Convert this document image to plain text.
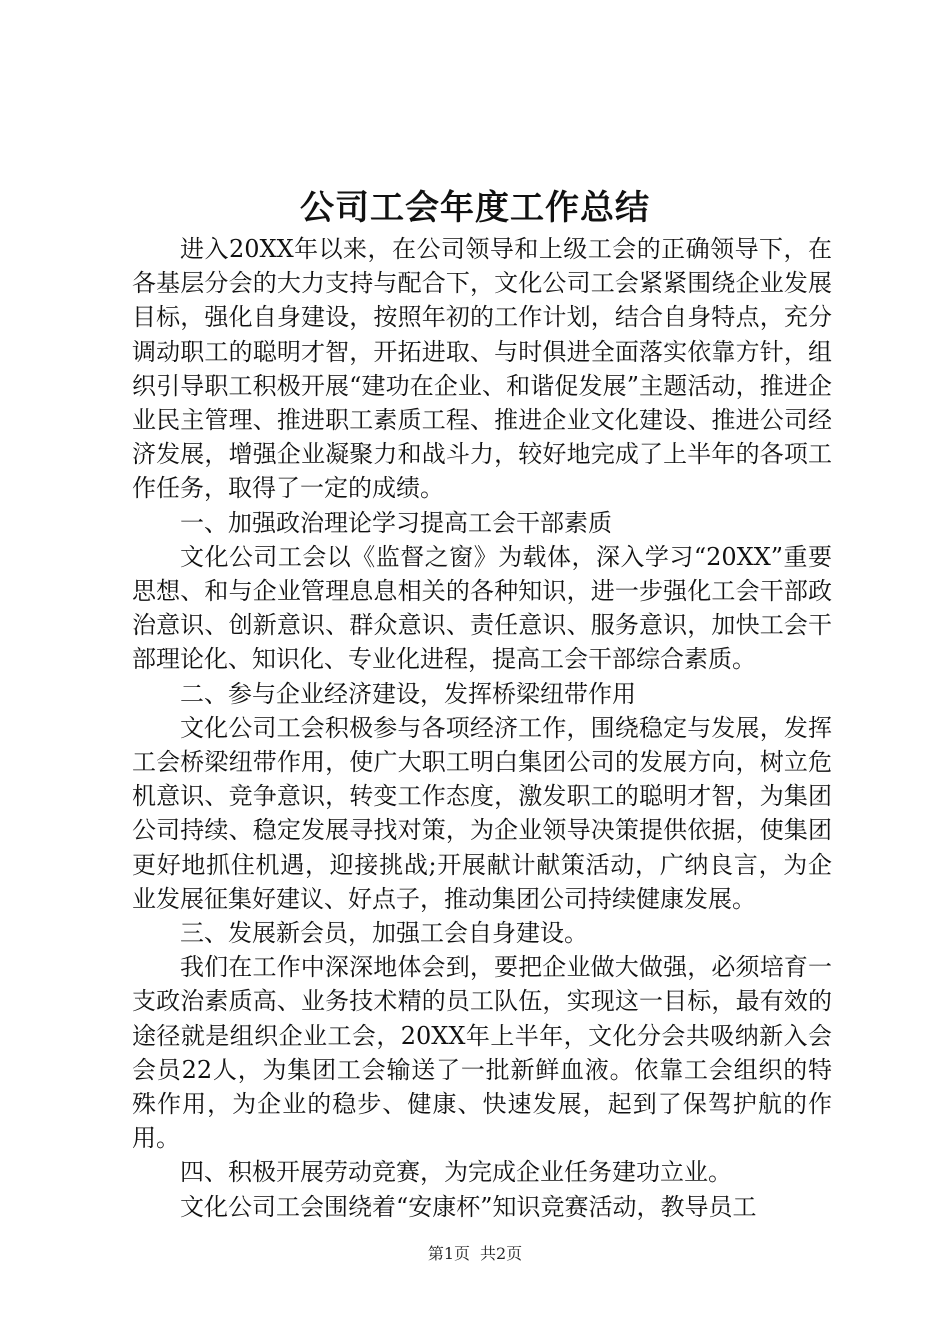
公司工会年度工作总结

进入20XX年以来，在公司领导和上级工会的正确领导下，在各基层分会的大力支持与配合下，文化公司工会紧紧围绕企业发展目标，强化自身建设，按照年初的工作计划，结合自身特点，充分调动职工的聪明才智，开拓进取、与时俱进全面落实依靠方针，组织引导职工积极开展“建功在企业、和谐促发展”主题活动，推进企业民主管理、推进职工素质工程、推进企业文化建设、推进公司经济发展，增强企业凝聚力和战斗力，较好地完成了上半年的各项工作任务，取得了一定的成绩。

一、加强政治理论学习提高工会干部素质

文化公司工会以《监督之窗》为载体，深入学习“20XX”重要思想、和与企业管理息息相关的各种知识，进一步强化工会干部政治意识、创新意识、群众意识、责任意识、服务意识，加快工会干部理论化、知识化、专业化进程，提高工会干部综合素质。

二、参与企业经济建设，发挥桥梁纽带作用

文化公司工会积极参与各项经济工作，围绕稳定与发展，发挥工会桥梁纽带作用，使广大职工明白集团公司的发展方向，树立危机意识、竞争意识，转变工作态度，激发职工的聪明才智，为集团公司持续、稳定发展寻找对策，为企业领导决策提供依据，使集团更好地抓住机遇，迎接挑战;开展献计献策活动，广纳良言，为企业发展征集好建议、好点子，推动集团公司持续健康发展。

三、发展新会员，加强工会自身建设。

我们在工作中深深地体会到，要把企业做大做强，必须培育一支政治素质高、业务技术精的员工队伍，实现这一目标，最有效的途径就是组织企业工会，20XX年上半年，文化分会共吸纳新入会会员22人，为集团工会输送了一批新鲜血液。依靠工会组织的特殊作用，为企业的稳步、健康、快速发展，起到了保驾护航的作用。

四、积极开展劳动竞赛，为完成企业任务建功立业。

文化公司工会围绕着“安康杯”知识竞赛活动，教导员工

第1页 共2页
